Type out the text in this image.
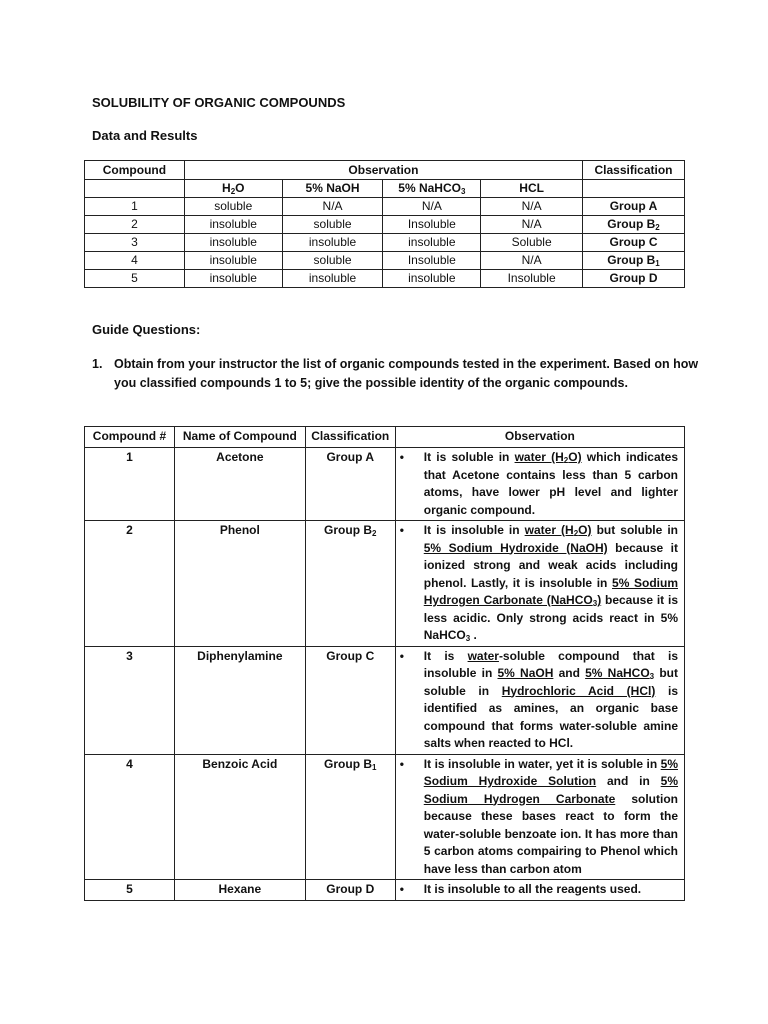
SOLUBILITY OF ORGANIC COMPOUNDS
Data and Results
Compound	Observation				Classification
	$H_2O$	5% NaOH	5% NaHCO$_3$	HCL	
1	soluble	N/A	N/A	N/A	Group A
2	insoluble	soluble	Insoluble	N/A	Group $B_2$
3	insoluble	insoluble	insoluble	Soluble	Group C
4	insoluble	soluble	Insoluble	N/A	Group $B_1$
5	insoluble	insoluble	insoluble	Insoluble	Group D
Guide Questions:
1. Obtain from your instructor the list of organic compounds tested in the experiment. Based on how you classified compounds 1 to 5; give the possible identity of the organic compounds.
Compound #	Name of Compound	Classification	Observation
1	Acetone	Group A	• It is soluble in water $(H_2O)$ which indicates that Acetone contains less than 5 carbon atoms, have lower pH level and lighter organic compound.

2	Phenol	Group $B_2$	• It is insoluble in water $(H_2O)$ but soluble in 5% Sodium Hydroxide (NaOH) because it ionized strong and weak acids including phenol. Lastly, it is insoluble in 5% Sodium Hydrogen Carbonate (NaHCO$_3$) because it is less acidic. Only strong acids react in 5% NaHCO$_3$ .

3	Diphenylamine	Group C	• It is water-soluble compound that is insoluble in 5% NaOH and 5% NaHCO$_3$ but soluble in Hydrochloric Acid (HCl) is identified as amines, an organic base compound that forms water-soluble amine salts when reacted to HCl.

4	Benzoic Acid	Group $B_1$	• It is insoluble in water, yet it is soluble in 5% Sodium Hydroxide Solution and in 5% Sodium Hydrogen Carbonate solution because these bases react to form the water-soluble benzoate ion. It has more than 5 carbon atoms compairing to Phenol which have less than carbon atom

5	Hexane	Group D	• It is insoluble to all the reagents used.
